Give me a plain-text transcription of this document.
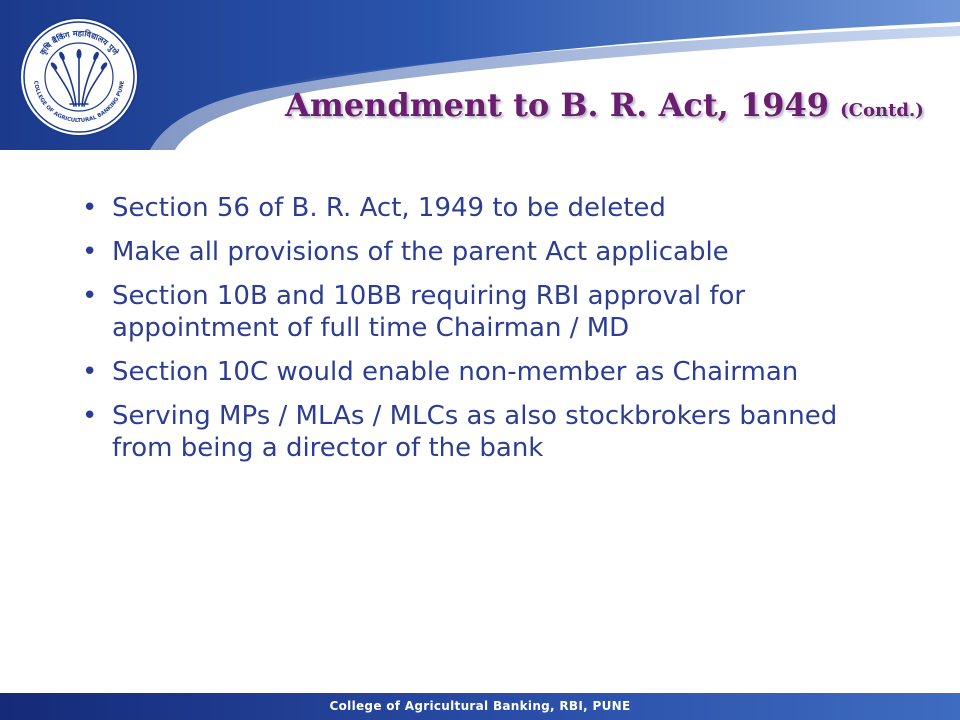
कृषि बैंकिंग महाविद्यालय पुणे
COLLEGE OF AGRICULTURAL BANKING PUNE
Amendment to B. R. Act, 1949 (Contd.)
• Section 56 of B. R. Act, 1949 to be deleted
• Make all provisions of the parent Act applicable
• Section 10B and 10BB requiring RBI approval for appointment of full time Chairman / MD
• Section 10C would enable non-member as Chairman
• Serving MPs / MLAs / MLCs as also stockbrokers banned from being a director of the bank
College of Agricultural Banking, RBI, PUNE
